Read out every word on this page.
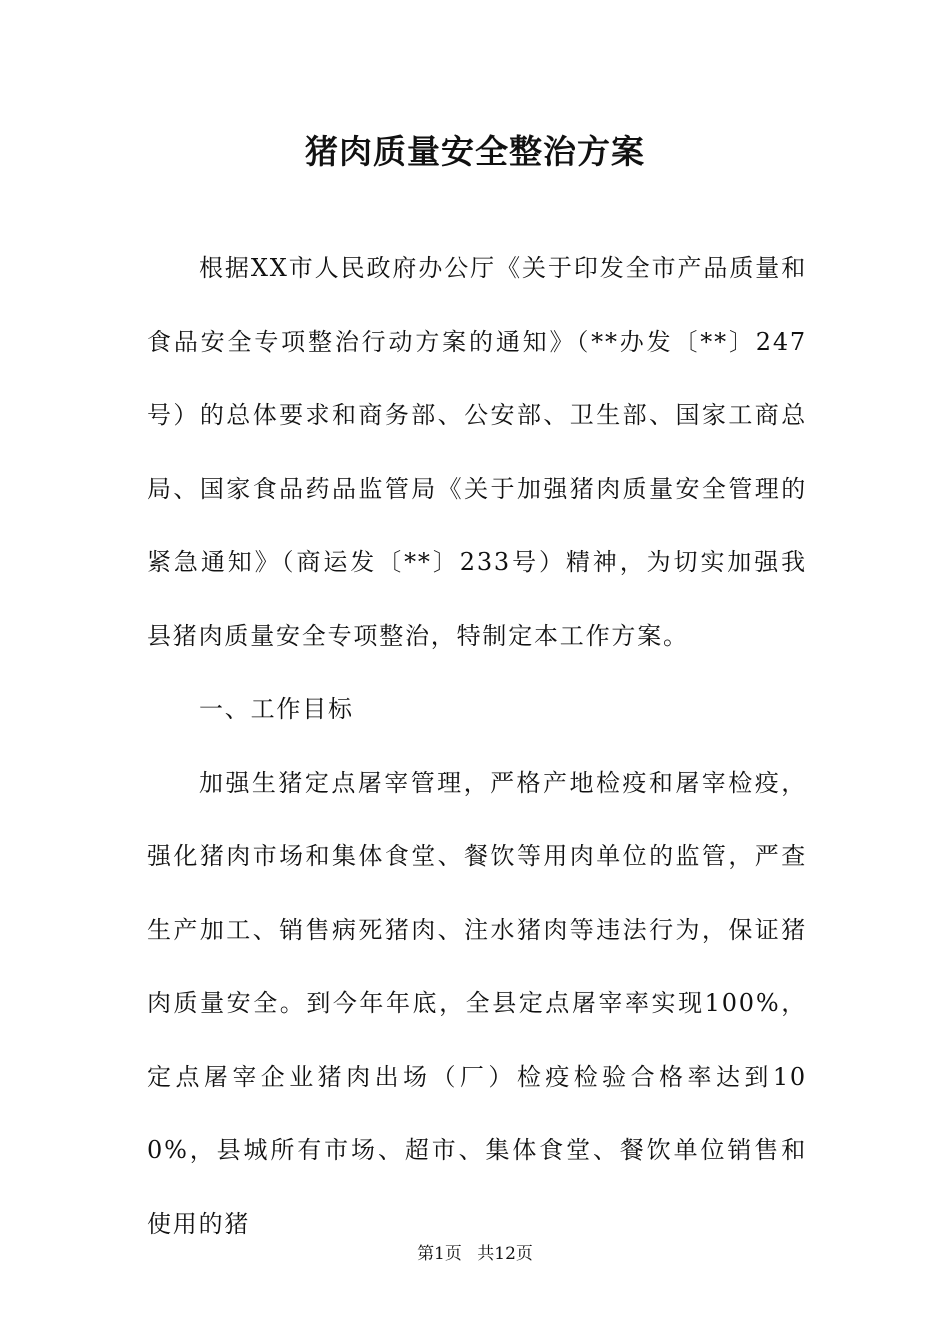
猪肉质量安全整治方案

根据XX市人民政府办公厅《关于印发全市产品质量和食品安全专项整治行动方案的通知》（**办发〔**〕247号）的总体要求和商务部、公安部、卫生部、国家工商总局、国家食品药品监管局《关于加强猪肉质量安全管理的紧急通知》（商运发〔**〕233号）精神，为切实加强我县猪肉质量安全专项整治，特制定本工作方案。

一、工作目标

加强生猪定点屠宰管理，严格产地检疫和屠宰检疫，强化猪肉市场和集体食堂、餐饮等用肉单位的监管，严查生产加工、销售病死猪肉、注水猪肉等违法行为，保证猪肉质量安全。到今年年底，全县定点屠宰率实现100%，定点屠宰企业猪肉出场（厂）检疫检验合格率达到100%，县城所有市场、超市、集体食堂、餐饮单位销售和使用的猪

第1页 共12页
